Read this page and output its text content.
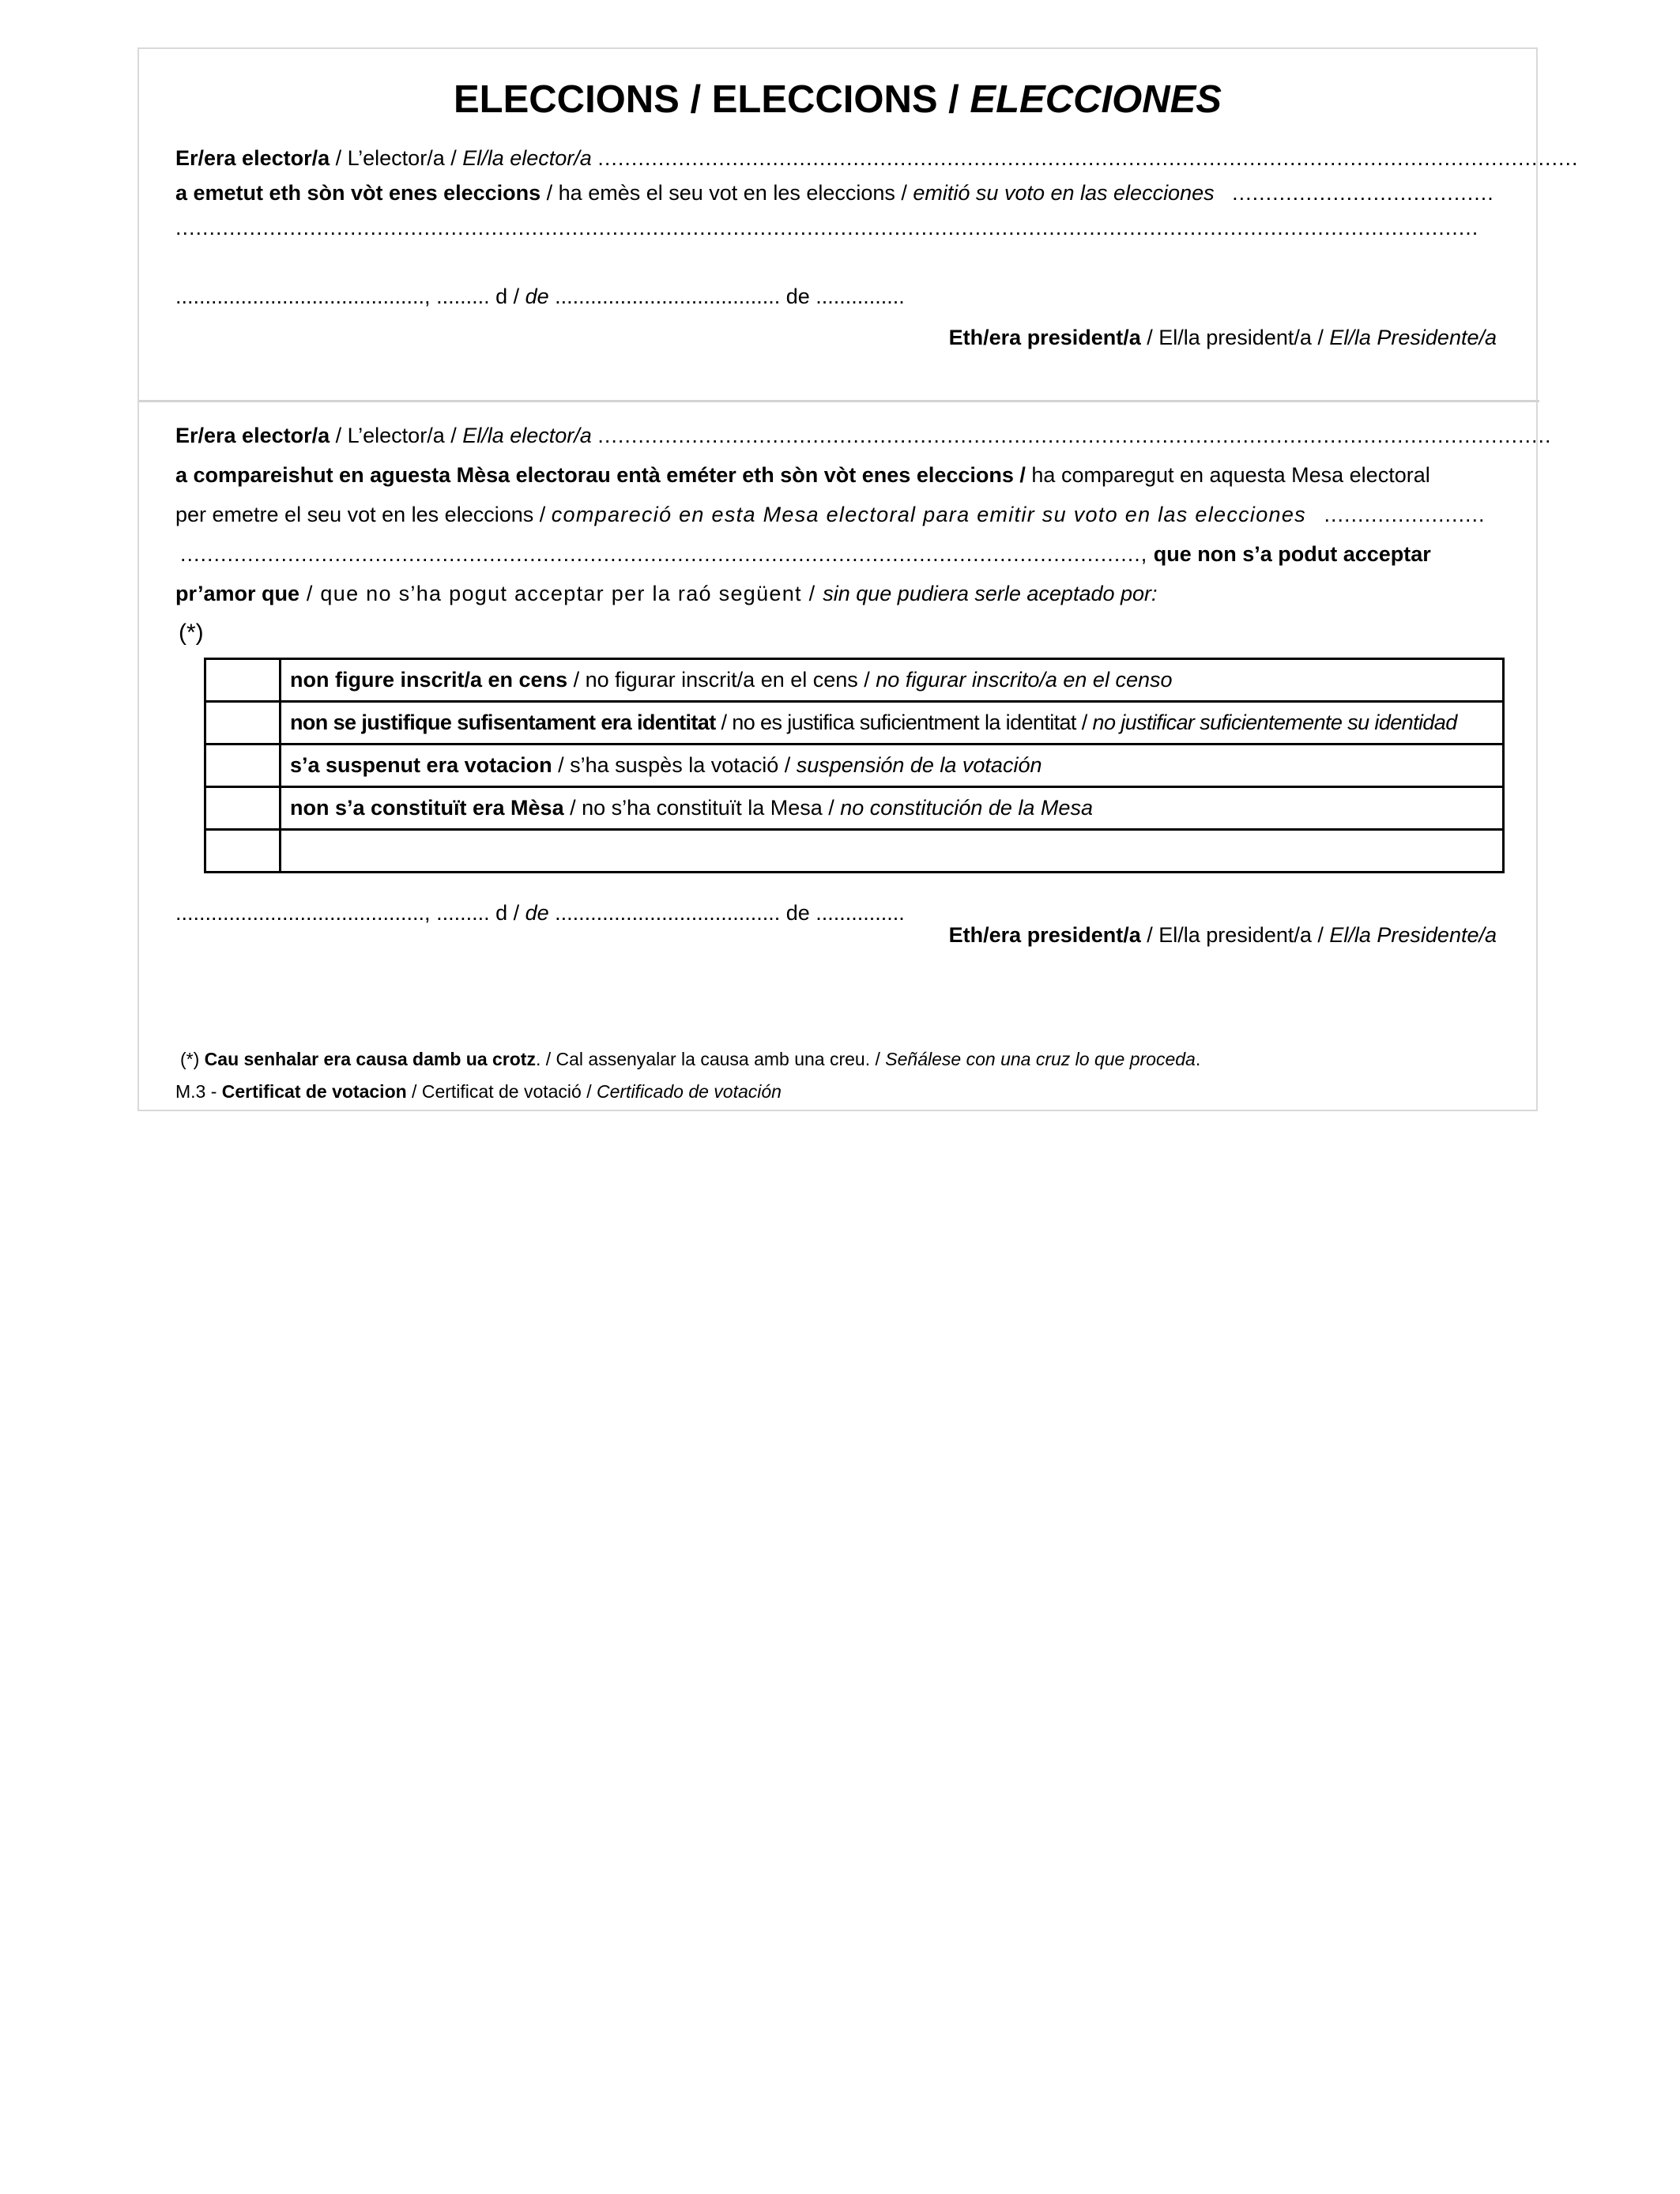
ELECCIONS / ELECCIONS / ELECCIONES
Er/era elector/a / L’elector/a / El/la elector/a ..................................................................................................................................................
a emetut eth sòn vòt enes eleccions / ha emès el seu vot en les eleccions / emitió su voto en las elecciones .......................................
..................................................................................................................................................................................................
.........................................., ......... d / de ...................................... de ...............
Eth/era president/a / El/la president/a / El/la Presidente/a
Er/era elector/a / L’elector/a / El/la elector/a ..............................................................................................................................................
a compareishut en aguesta Mèsa electorau entà eméter eth sòn vòt enes eleccions / ha comparegut en aquesta Mesa electoral
per emetre el seu vot en les eleccions / compareció en esta Mesa electoral para emitir su voto en las elecciones ........................
..............................................................................................................................................., que non s’a podut acceptar
pr’amor que / que no s’ha pogut acceptar per la raó següent / sin que pudiera serle aceptado por:
(*)
	non figure inscrit/a en cens / no figurar inscrit/a en el cens / no figurar inscrito/a en el censo
	non se justifique sufisentament era identitat / no es justifica suficientment la identitat / no justificar suficientemente su identidad
	s’a suspenut era votacion / s’ha suspès la votació / suspensión de la votación
	non s’a constituït era Mèsa / no s’ha constituït la Mesa / no constitución de la Mesa

.........................................., ......... d / de ...................................... de ...............
Eth/era president/a / El/la president/a / El/la Presidente/a
(*) Cau senhalar era causa damb ua crotz. / Cal assenyalar la causa amb una creu. / Señálese con una cruz lo que proceda.
M.3 - Certificat de votacion / Certificat de votació / Certificado de votación
